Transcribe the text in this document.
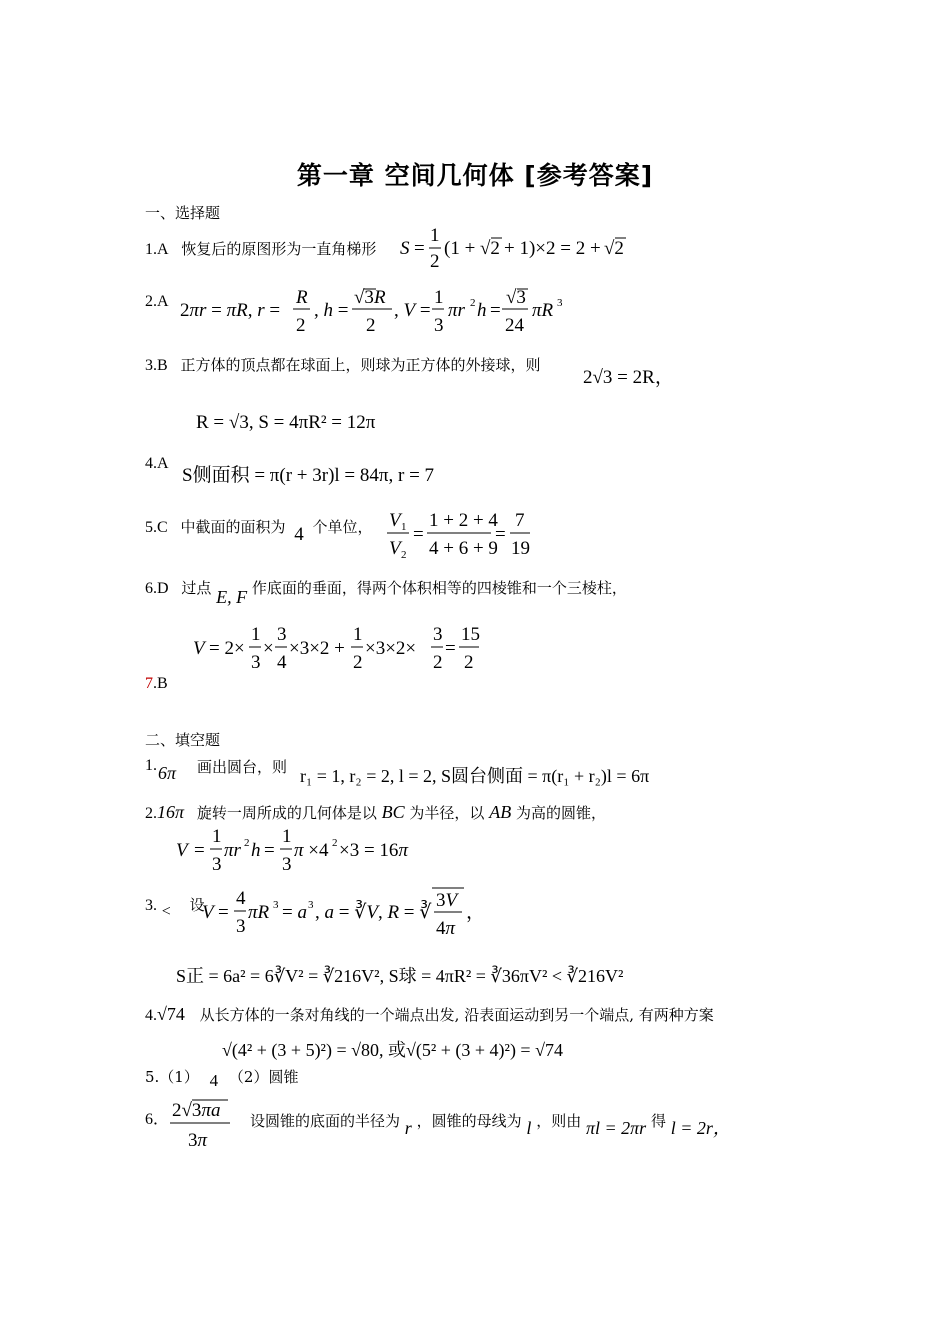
第一章 空间几何体 [参考答案]
一、选择题
1.A 恢复后的原图形为一直角梯形 S =
1
2
(1 + √2 + 1)×2 = 2 + √2
2.A 2πr = πR, r =
R
2
, h =
√3R
2
, V =
1
3
πr 2 h =
√3
24
πR 3
3.B 正方体的顶点都在球面上，则球为正方体的外接球，则
2√3 = 2R，
R = √3, S = 4πR² = 12π
4.A
S侧面积 = π(r + 3r)l = 84π, r = 7
5.C 中截面的面积为 4 个单位， V 1
V 2
=
1 + 2 + 4
4 + 6 + 9
=
7
19
6.D 过点 E, F 作底面的垂面，得两个体积相等的四棱锥和一个三棱柱，
V = 2×
1
3
×
3
4
×3×2 +
1
2
×3×2×
3
2
=
15
2
7.B
二、填空题
1. 6π 画出圆台，则 r₁ = 1, r₂ = 2, l = 2, S圆台侧面 = π(r₁ + r₂)l = 6π
2.16π 旋转一周所成的几何体是以 BC 为半径，以 AB 为高的圆锥，
V =
1
3
πr 2 h =
1
3
π ×4 2 ×3 = 16π
3. < 设
V =
4
3
πR 3 = a 3 , a = ∛V, R = ∛
3V
4π
，
S正 = 6a² = 6∛V² = ∛216V², S球 = 4πR² = ∛36πV² < ∛216V²
4.√74 从长方体的一条对角线的一个端点出发, 沿表面运动到另一个端点, 有两种方案
√(4² + (3 + 5)²) = √80, 或√(5² + (3 + 4)²) = √74
5.（1） 4 （2）圆锥
6． 2√3πa
3π
设圆锥的底面的半径为 r ，圆锥的母线为 l ，则由 πl = 2πr 得 l = 2r，
